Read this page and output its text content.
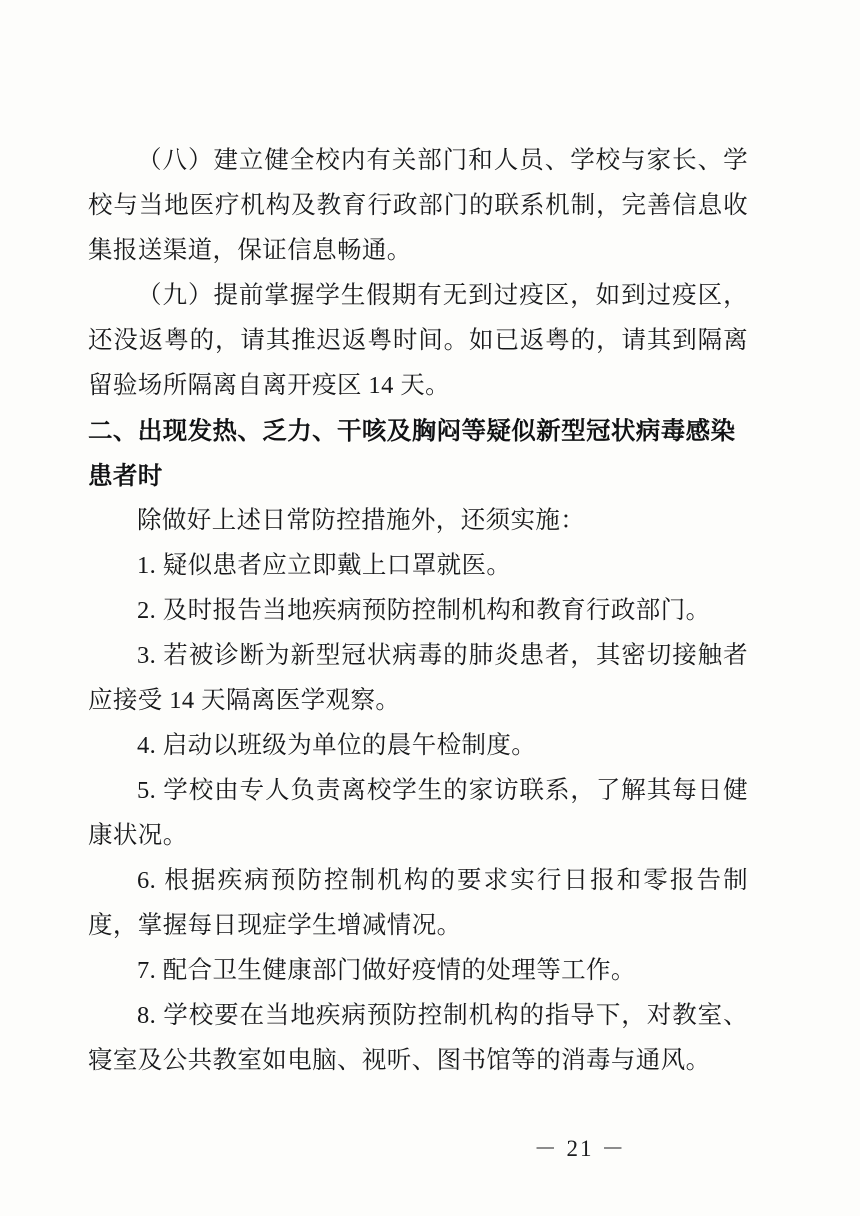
（八）建立健全校内有关部门和人员、学校与家长、学校与当地医疗机构及教育行政部门的联系机制，完善信息收集报送渠道，保证信息畅通。

（九）提前掌握学生假期有无到过疫区，如到过疫区，还没返粤的，请其推迟返粤时间。如已返粤的，请其到隔离留验场所隔离自离开疫区 14 天。

二、出现发热、乏力、干咳及胸闷等疑似新型冠状病毒感染患者时

除做好上述日常防控措施外，还须实施：

1. 疑似患者应立即戴上口罩就医。

2. 及时报告当地疾病预防控制机构和教育行政部门。

3. 若被诊断为新型冠状病毒的肺炎患者，其密切接触者应接受 14 天隔离医学观察。

4. 启动以班级为单位的晨午检制度。

5. 学校由专人负责离校学生的家访联系，了解其每日健康状况。

6. 根据疾病预防控制机构的要求实行日报和零报告制度，掌握每日现症学生增减情况。

7. 配合卫生健康部门做好疫情的处理等工作。

8. 学校要在当地疾病预防控制机构的指导下，对教室、寝室及公共教室如电脑、视听、图书馆等的消毒与通风。

－ 21 －
